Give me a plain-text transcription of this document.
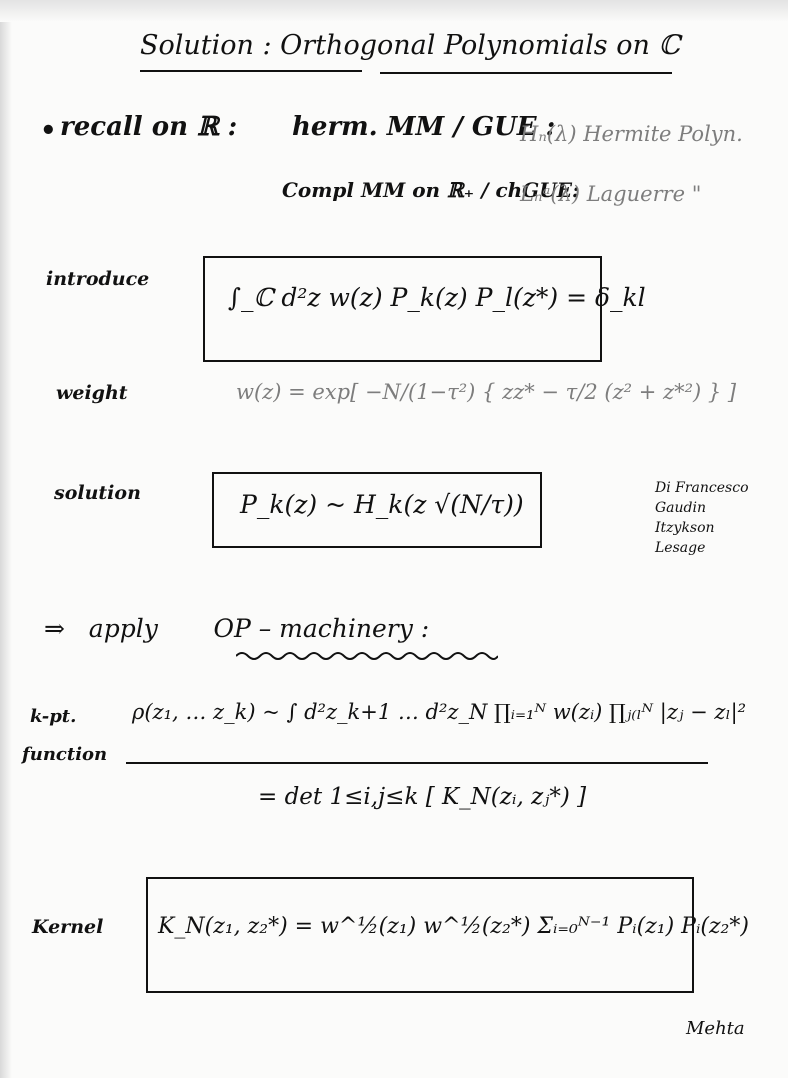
Solution : Orthogonal Polynomials on ℂ
• recall on ℝ : herm. MM / GUE :
Hₙ(λ) Hermite Polyn.
Compl MM on ℝ₊ / chGUE:
Lₙᵃ(λ) Laguerre "
introduce
∫_ℂ d²z w(z) P_k(z) P_l(z*) = δ_kl
weight	w(z) = exp[ −N/(1−τ²) { zz* − τ/2 (z² + z*²) } ]
solution	P_k(z) ~ H_k(z √(N/τ))
Di Francesco
Gaudin
Itzykson
Lesage
⇒ apply OP – machinery :
k-pt.
function
ρ(z₁, … z_k) ~ ∫ d²z_k+1 … d²z_N ∏ᵢ₌₁ᴺ w(zᵢ) ∏ⱼ₍ₗᴺ |zⱼ − zₗ|²
= det 1≤i,j≤k [ K_N(zᵢ, zⱼ*) ]
Kernel K_N(z₁, z₂*) = w^½(z₁) w^½(z₂*) Σᵢ₌₀ᴺ⁻¹ Pᵢ(z₁) Pᵢ(z₂*)
Mehta
